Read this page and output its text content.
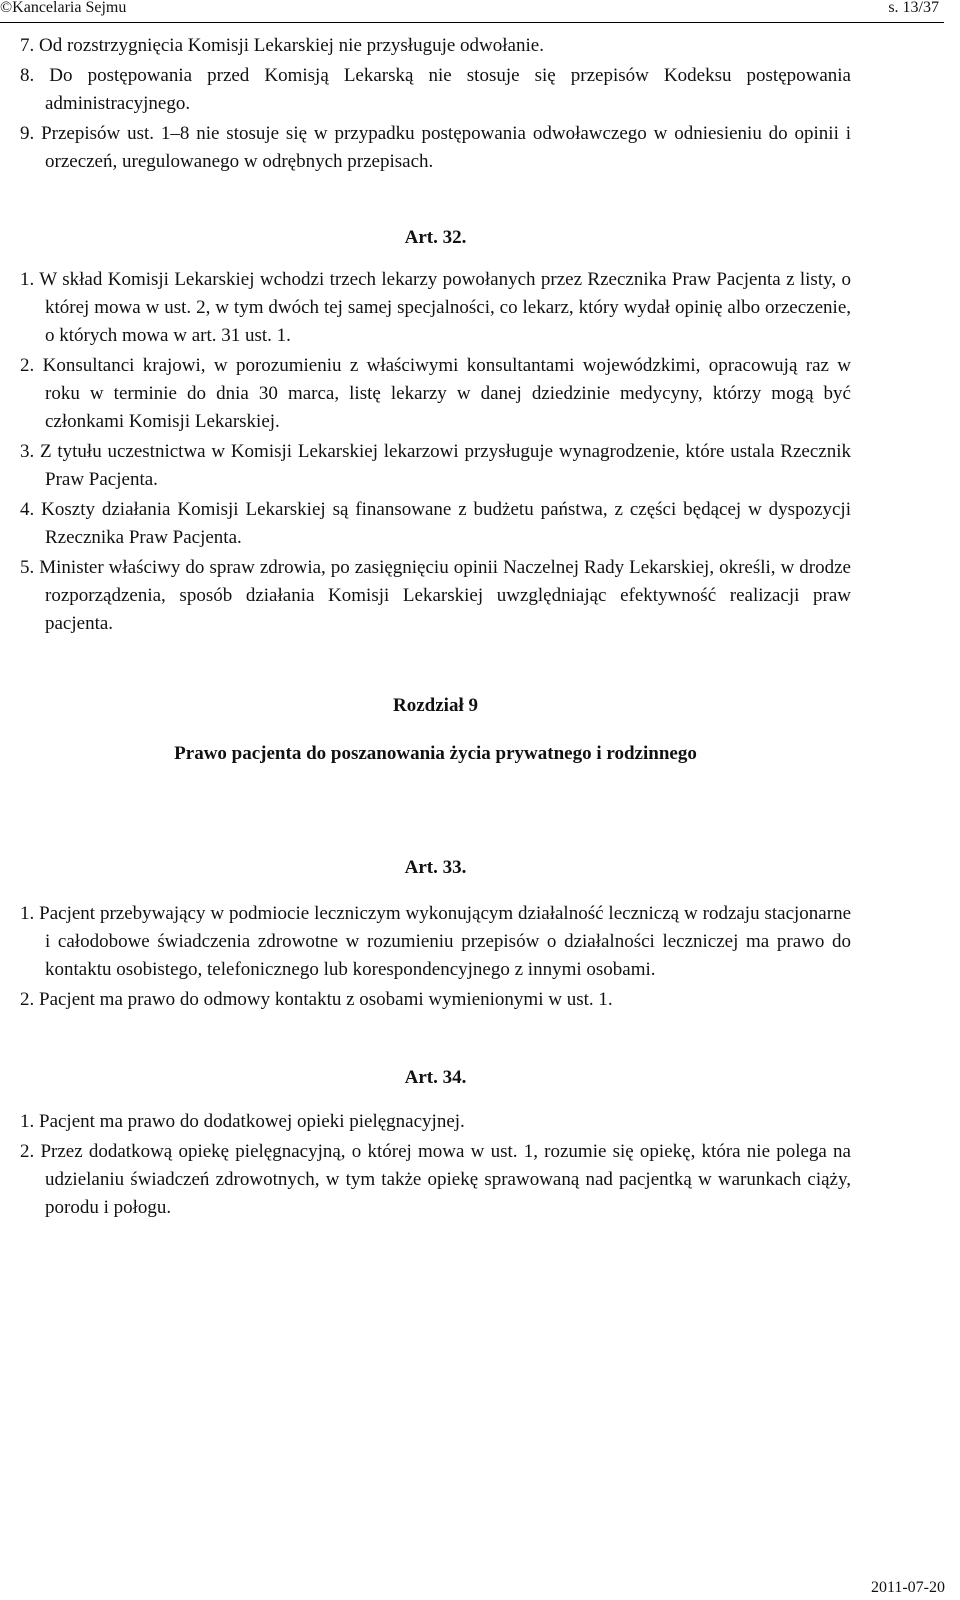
©Kancelaria Sejmu	s. 13/37

7. Od rozstrzygnięcia Komisji Lekarskiej nie przysługuje odwołanie.

8. Do postępowania przed Komisją Lekarską nie stosuje się przepisów Kodeksu postępowania administracyjnego.

9. Przepisów ust. 1–8 nie stosuje się w przypadku postępowania odwoławczego w odniesieniu do opinii i orzeczeń, uregulowanego w odrębnych przepisach.

Art. 32.

1. W skład Komisji Lekarskiej wchodzi trzech lekarzy powołanych przez Rzecznika Praw Pacjenta z listy, o której mowa w ust. 2, w tym dwóch tej samej specjalności, co lekarz, który wydał opinię albo orzeczenie, o których mowa w art. 31 ust. 1.

2. Konsultanci krajowi, w porozumieniu z właściwymi konsultantami wojewódzkimi, opracowują raz w roku w terminie do dnia 30 marca, listę lekarzy w danej dziedzinie medycyny, którzy mogą być członkami Komisji Lekarskiej.

3. Z tytułu uczestnictwa w Komisji Lekarskiej lekarzowi przysługuje wynagrodzenie, które ustala Rzecznik Praw Pacjenta.

4. Koszty działania Komisji Lekarskiej są finansowane z budżetu państwa, z części będącej w dyspozycji Rzecznika Praw Pacjenta.

5. Minister właściwy do spraw zdrowia, po zasięgnięciu opinii Naczelnej Rady Lekarskiej, określi, w drodze rozporządzenia, sposób działania Komisji Lekarskiej uwzględniając efektywność realizacji praw pacjenta.

Rozdział 9

Prawo pacjenta do poszanowania życia prywatnego i rodzinnego

Art. 33.

1. Pacjent przebywający w podmiocie leczniczym wykonującym działalność leczniczą w rodzaju stacjonarne i całodobowe świadczenia zdrowotne w rozumieniu przepisów o działalności leczniczej ma prawo do kontaktu osobistego, telefonicznego lub korespondencyjnego z innymi osobami.

2. Pacjent ma prawo do odmowy kontaktu z osobami wymienionymi w ust. 1.

Art. 34.

1. Pacjent ma prawo do dodatkowej opieki pielęgnacyjnej.

2. Przez dodatkową opiekę pielęgnacyjną, o której mowa w ust. 1, rozumie się opiekę, która nie polega na udzielaniu świadczeń zdrowotnych, w tym także opiekę sprawowaną nad pacjentką w warunkach ciąży, porodu i połogu.

2011-07-20
